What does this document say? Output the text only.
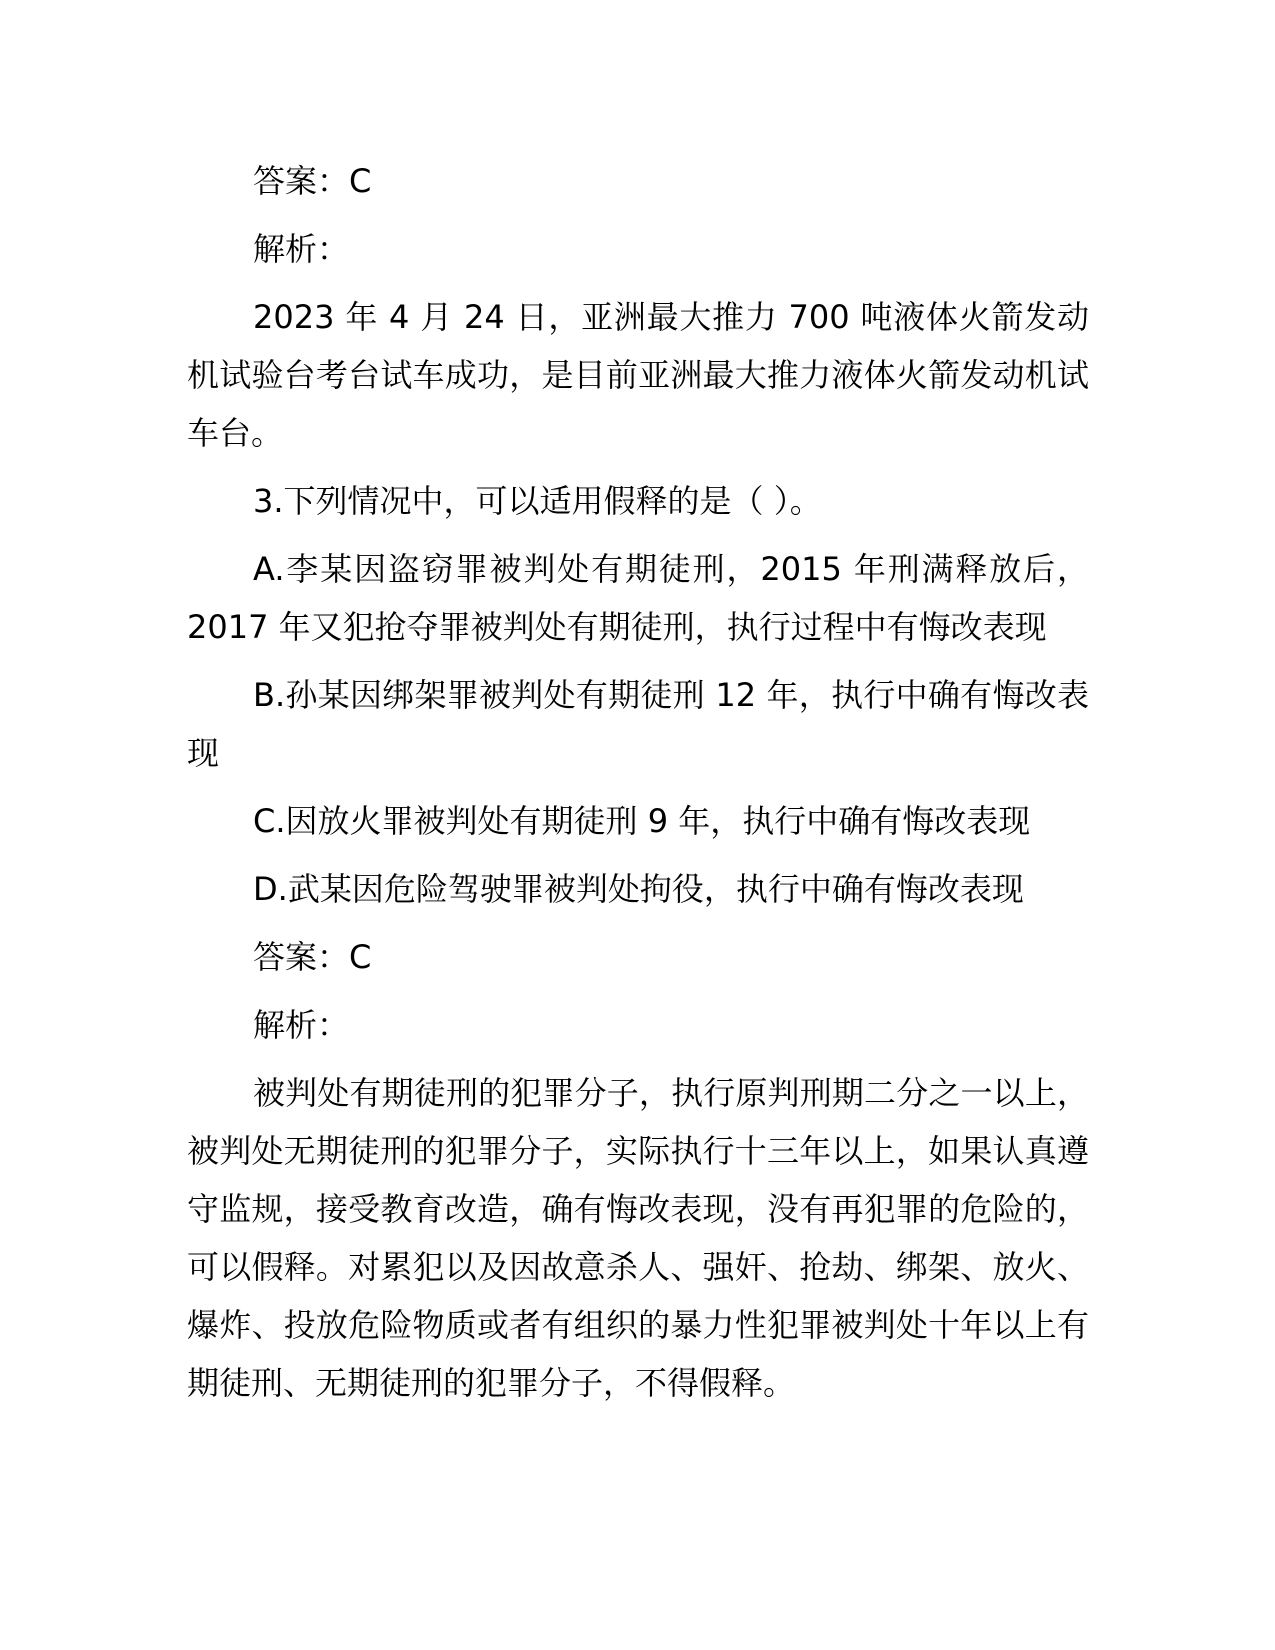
答案：C

解析：

2023 年 4 月 24 日，亚洲最大推力 700 吨液体火箭发动机试验台考台试车成功，是目前亚洲最大推力液体火箭发动机试车台。

3.下列情况中，可以适用假释的是（ ）。

A.李某因盗窃罪被判处有期徒刑，2015 年刑满释放后，2017 年又犯抢夺罪被判处有期徒刑，执行过程中有悔改表现

B.孙某因绑架罪被判处有期徒刑 12 年，执行中确有悔改表现

C.因放火罪被判处有期徒刑 9 年，执行中确有悔改表现

D.武某因危险驾驶罪被判处拘役，执行中确有悔改表现

答案：C

解析：

被判处有期徒刑的犯罪分子，执行原判刑期二分之一以上，被判处无期徒刑的犯罪分子，实际执行十三年以上，如果认真遵守监规，接受教育改造，确有悔改表现，没有再犯罪的危险的，可以假释。对累犯以及因故意杀人、强奸、抢劫、绑架、放火、爆炸、投放危险物质或者有组织的暴力性犯罪被判处十年以上有期徒刑、无期徒刑的犯罪分子，不得假释。
